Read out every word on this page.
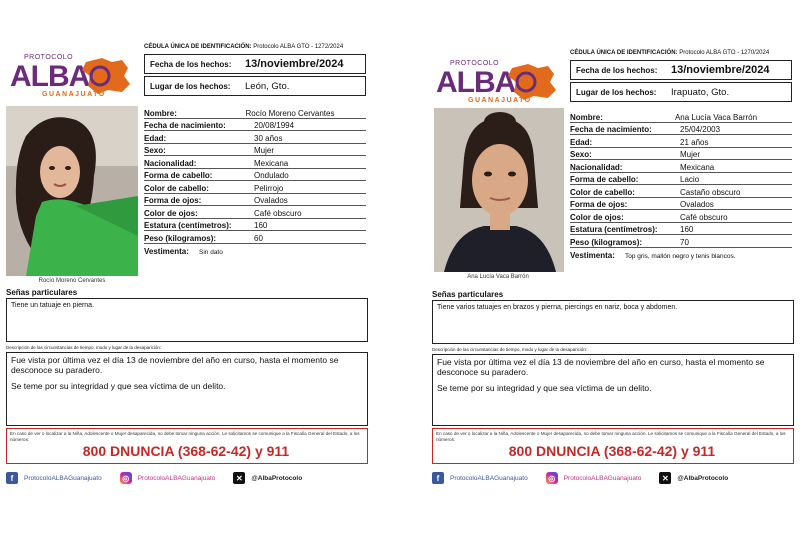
PROTOCOLO
ALBA
GUANAJUATO
CÉDULA ÚNICA DE IDENTIFICACIÓN: Protocolo ALBA GTO - 1272/2024
Fecha de los hechos:	13/noviembre/2024
Lugar de los hechos:	León, Gto.
Rocío Moreno Cervantes
Nombre:	Rocío Moreno Cervantes
Fecha de nacimiento:	20/08/1994
Edad:	30 años
Sexo:	Mujer
Nacionalidad:	Mexicana
Forma de cabello:	Ondulado
Color de cabello:	Pelirrojo
Forma de ojos:	Ovalados
Color de ojos:	Café obscuro
Estatura (centímetros):	160
Peso (kilogramos):	60
Vestimenta:	Sin dato
Señas particulares
Tiene un tatuaje en pierna.
Descripción de las circunstancias de tiempo, modo y lugar de la desaparición:

Fue vista por última vez el día 13 de noviembre del año en curso, hasta el momento se desconoce su paradero.

Se teme por su integridad y que sea víctima de un delito.

En caso de ver o localizar a la Niña, Adolescente o Mujer desaparecida, no debe tomar ninguna acción. Le solicitamos se comunique a la Fiscalía General del Estado, a los números:
800 DNUNCIA (368-62-42) y 911
f	ProtocoloALBAGuanajuato	◎	ProtocoloALBAGuanajuato	✕	@AlbaProtocolo
PROTOCOLO
ALBA
GUANAJUATO
CÉDULA ÚNICA DE IDENTIFICACIÓN: Protocolo ALBA GTO - 1270/2024
Fecha de los hechos:	13/noviembre/2024
Lugar de los hechos:	Irapuato, Gto.
Ana Lucía Vaca Barrón
Nombre:	Ana Lucía Vaca Barrón
Fecha de nacimiento:	25/04/2003
Edad:	21 años
Sexo:	Mujer
Nacionalidad:	Mexicana
Forma de cabello:	Lacio
Color de cabello:	Castaño obscuro
Forma de ojos:	Ovalados
Color de ojos:	Café obscuro
Estatura (centímetros):	160
Peso (kilogramos):	70
Vestimenta:	Top gris, mallón negro y tenis blancos.
Señas particulares
Tiene varios tatuajes en brazos y pierna, piercings en nariz, boca y abdomen.
Descripción de las circunstancias de tiempo, modo y lugar de la desaparición:

Fue vista por última vez el día 13 de noviembre del año en curso, hasta el momento se desconoce su paradero.

Se teme por su integridad y que sea víctima de un delito.

En caso de ver o localizar a la Niña, Adolescente o Mujer desaparecida, no debe tomar ninguna acción. Le solicitamos se comunique a la Fiscalía General del Estado, a los números:
800 DNUNCIA (368-62-42) y 911
f	ProtocoloALBAGuanajuato	◎	ProtocoloALBAGuanajuato	✕	@AlbaProtocolo
